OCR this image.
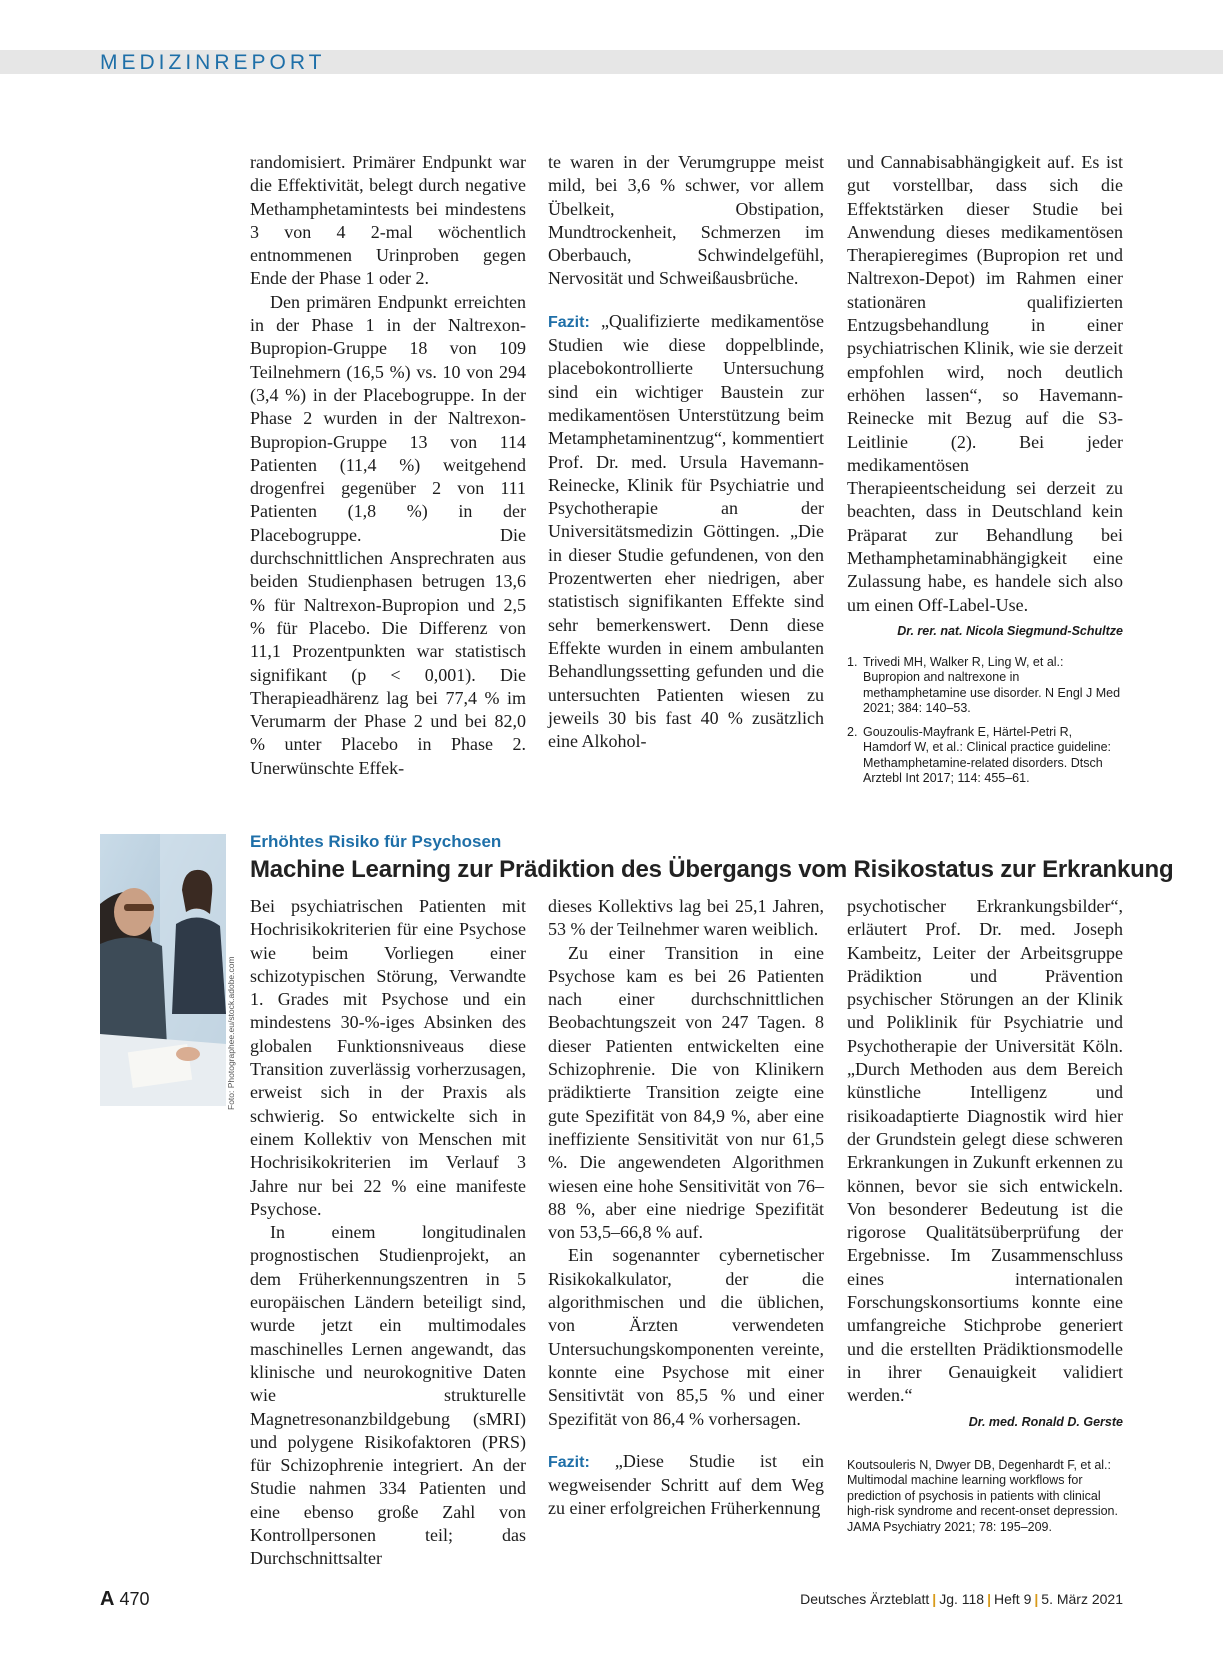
MEDIZINREPORT

randomisiert. Primärer Endpunkt war die Effektivität, belegt durch negative Methamphetamintests bei mindestens 3 von 4 2-mal wöchentlich entnommenen Urinproben gegen Ende der Phase 1 oder 2.

Den primären Endpunkt erreichten in der Phase 1 in der Naltrexon-Bupropion-Gruppe 18 von 109 Teilnehmern (16,5 %) vs. 10 von 294 (3,4 %) in der Placebogruppe. In der Phase 2 wurden in der Naltrexon-Bupropion-Gruppe 13 von 114 Patienten (11,4 %) weitgehend drogenfrei gegenüber 2 von 111 Patienten (1,8 %) in der Placebogruppe. Die durchschnittlichen Ansprechraten aus beiden Studienphasen betrugen 13,6 % für Naltrexon-Bupropion und 2,5 % für Placebo. Die Differenz von 11,1 Prozentpunkten war statistisch signifikant (p < 0,001). Die Therapieadhärenz lag bei 77,4 % im Verumarm der Phase 2 und bei 82,0 % unter Placebo in Phase 2. Unerwünschte Effek-

te waren in der Verumgruppe meist mild, bei 3,6 % schwer, vor allem Übelkeit, Obstipation, Mundtrockenheit, Schmerzen im Oberbauch, Schwindelgefühl, Nervosität und Schweißausbrüche.

Fazit: „Qualifizierte medikamentöse Studien wie diese doppelblinde, placebokontrollierte Untersuchung sind ein wichtiger Baustein zur medikamentösen Unterstützung beim Metamphetaminentzug“, kommentiert Prof. Dr. med. Ursula Havemann-Reinecke, Klinik für Psychiatrie und Psychotherapie an der Universitätsmedizin Göttingen. „Die in dieser Studie gefundenen, von den Prozentwerten eher niedrigen, aber statistisch signifikanten Effekte sind sehr bemerkenswert. Denn diese Effekte wurden in einem ambulanten Behandlungssetting gefunden und die untersuchten Patienten wiesen zu jeweils 30 bis fast 40 % zusätzlich eine Alkohol-

und Cannabisabhängigkeit auf. Es ist gut vorstellbar, dass sich die Effektstärken dieser Studie bei Anwendung dieses medikamentösen Therapieregimes (Bupropion ret und Naltrexon-Depot) im Rahmen einer stationären qualifizierten Entzugsbehandlung in einer psychiatrischen Klinik, wie sie derzeit empfohlen wird, noch deutlich erhöhen lassen“, so Havemann-Reinecke mit Bezug auf die S3-Leitlinie (2). Bei jeder medikamentösen Therapieentscheidung sei derzeit zu beachten, dass in Deutschland kein Präparat zur Behandlung bei Methamphetaminabhängigkeit eine Zulassung habe, es handele sich also um einen Off-Label-Use.

Dr. rer. nat. Nicola Siegmund-Schultze
1. Trivedi MH, Walker R, Ling W, et al.: Bupropion and naltrexone in methamphetamine use disorder. N Engl J Med 2021; 384: 140–53.
2. Gouzoulis-Mayfrank E, Härtel-Petri R, Hamdorf W, et al.: Clinical practice guideline: Methamphetamine-related disorders. Dtsch Arztebl Int 2017; 114: 455–61.
Foto: Photographee.eu/stock.adobe.com
Erhöhtes Risiko für Psychosen
Machine Learning zur Prädiktion des Übergangs vom Risikostatus zur Erkrankung

Bei psychiatrischen Patienten mit Hochrisikokriterien für eine Psychose wie beim Vorliegen einer schizotypischen Störung, Verwandte 1. Grades mit Psychose und ein mindestens 30-%-iges Absinken des globalen Funktionsniveaus diese Transition zuverlässig vorherzusagen, erweist sich in der Praxis als schwierig. So entwickelte sich in einem Kollektiv von Menschen mit Hochrisikokriterien im Verlauf 3 Jahre nur bei 22 % eine manifeste Psychose.

In einem longitudinalen prognostischen Studienprojekt, an dem Früherkennungszentren in 5 europäischen Ländern beteiligt sind, wurde jetzt ein multimodales maschinelles Lernen angewandt, das klinische und neurokognitive Daten wie strukturelle Magnetresonanzbildgebung (sMRI) und polygene Risikofaktoren (PRS) für Schizophrenie integriert. An der Studie nahmen 334 Patienten und eine ebenso große Zahl von Kontrollpersonen teil; das Durchschnittsalter

dieses Kollektivs lag bei 25,1 Jahren, 53 % der Teilnehmer waren weiblich.

Zu einer Transition in eine Psychose kam es bei 26 Patienten nach einer durchschnittlichen Beobachtungszeit von 247 Tagen. 8 dieser Patienten entwickelten eine Schizophrenie. Die von Klinikern prädiktierte Transition zeigte eine gute Spezifität von 84,9 %, aber eine ineffiziente Sensitivität von nur 61,5 %. Die angewendeten Algorithmen wiesen eine hohe Sensitivität von 76–88 %, aber eine niedrige Spezifität von 53,5–66,8 % auf.

Ein sogenannter cybernetischer Risikokalkulator, der die algorithmischen und die üblichen, von Ärzten verwendeten Untersuchungskomponenten vereinte, konnte eine Psychose mit einer Sensitivtät von 85,5 % und einer Spezifität von 86,4 % vorhersagen.

Fazit: „Diese Studie ist ein wegweisender Schritt auf dem Weg zu einer erfolgreichen Früherkennung

psychotischer Erkrankungsbilder“, erläutert Prof. Dr. med. Joseph Kambeitz, Leiter der Arbeitsgruppe Prädiktion und Prävention psychischer Störungen an der Klinik und Poliklinik für Psychiatrie und Psychotherapie der Universität Köln. „Durch Methoden aus dem Bereich künstliche Intelligenz und risikoadaptierte Diagnostik wird hier der Grundstein gelegt diese schweren Erkrankungen in Zukunft erkennen zu können, bevor sie sich entwickeln. Von besonderer Bedeutung ist die rigorose Qualitätsüberprüfung der Ergebnisse. Im Zusammenschluss eines internationalen Forschungskonsortiums konnte eine umfangreiche Stichprobe generiert und die erstellten Prädiktionsmodelle in ihrer Genauigkeit validiert werden.“

Dr. med. Ronald D. Gerste
Koutsouleris N, Dwyer DB, Degenhardt F, et al.: Multimodal machine learning workflows for prediction of psychosis in patients with clinical high-risk syndrome and recent-onset depression. JAMA Psychiatry 2021; 78: 195–209.
A 470	Deutsches Ärzteblatt | Jg. 118 | Heft 9 | 5. März 2021
